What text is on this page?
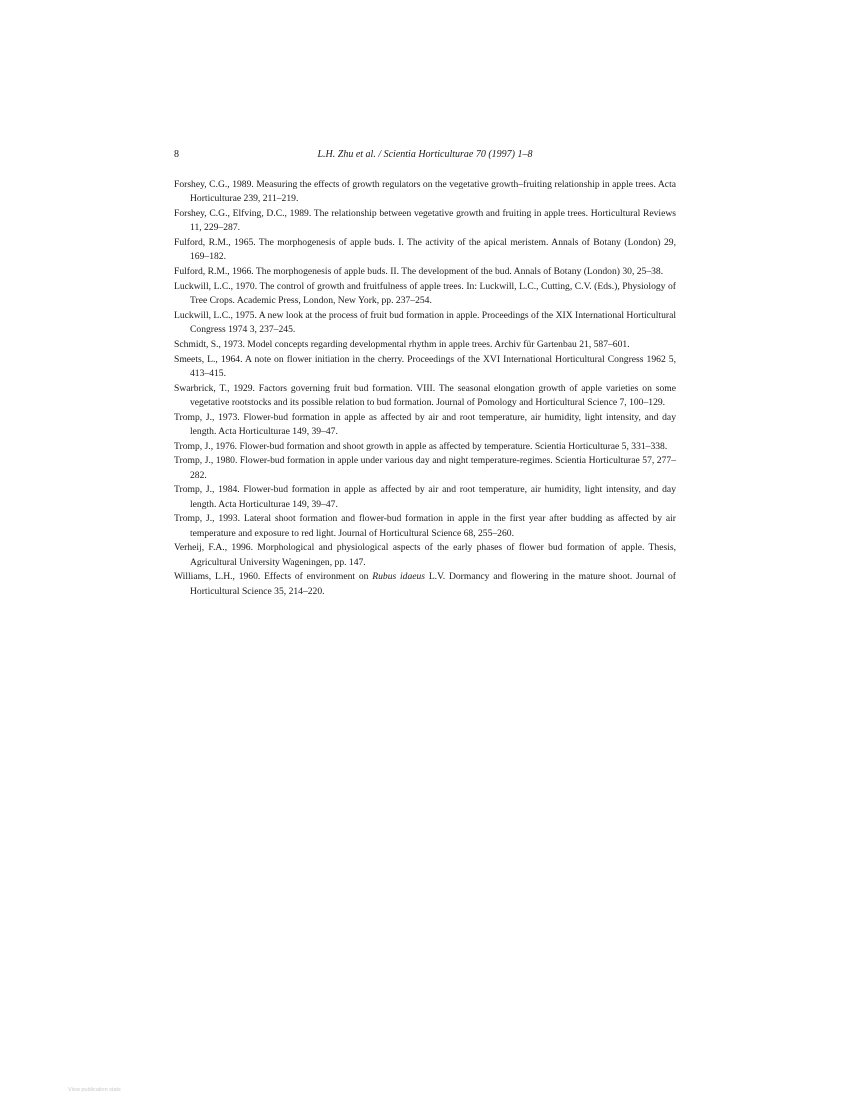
8	L.H. Zhu et al. / Scientia Horticulturae 70 (1997) 1–8

Forshey, C.G., 1989. Measuring the effects of growth regulators on the vegetative growth–fruiting relationship in apple trees. Acta Horticulturae 239, 211–219.

Forshey, C.G., Elfving, D.C., 1989. The relationship between vegetative growth and fruiting in apple trees. Horticultural Reviews 11, 229–287.

Fulford, R.M., 1965. The morphogenesis of apple buds. I. The activity of the apical meristem. Annals of Botany (London) 29, 169–182.

Fulford, R.M., 1966. The morphogenesis of apple buds. II. The development of the bud. Annals of Botany (London) 30, 25–38.

Luckwill, L.C., 1970. The control of growth and fruitfulness of apple trees. In: Luckwill, L.C., Cutting, C.V. (Eds.), Physiology of Tree Crops. Academic Press, London, New York, pp. 237–254.

Luckwill, L.C., 1975. A new look at the process of fruit bud formation in apple. Proceedings of the XIX International Horticultural Congress 1974 3, 237–245.

Schmidt, S., 1973. Model concepts regarding developmental rhythm in apple trees. Archiv für Gartenbau 21, 587–601.

Smeets, L., 1964. A note on flower initiation in the cherry. Proceedings of the XVI International Horticultural Congress 1962 5, 413–415.

Swarbrick, T., 1929. Factors governing fruit bud formation. VIII. The seasonal elongation growth of apple varieties on some vegetative rootstocks and its possible relation to bud formation. Journal of Pomology and Horticultural Science 7, 100–129.

Tromp, J., 1973. Flower-bud formation in apple as affected by air and root temperature, air humidity, light intensity, and day length. Acta Horticulturae 149, 39–47.

Tromp, J., 1976. Flower-bud formation and shoot growth in apple as affected by temperature. Scientia Horticulturae 5, 331–338.

Tromp, J., 1980. Flower-bud formation in apple under various day and night temperature-regimes. Scientia Horticulturae 57, 277–282.

Tromp, J., 1984. Flower-bud formation in apple as affected by air and root temperature, air humidity, light intensity, and day length. Acta Horticulturae 149, 39–47.

Tromp, J., 1993. Lateral shoot formation and flower-bud formation in apple in the first year after budding as affected by air temperature and exposure to red light. Journal of Horticultural Science 68, 255–260.

Verheij, F.A., 1996. Morphological and physiological aspects of the early phases of flower bud formation of apple. Thesis, Agricultural University Wageningen, pp. 147.

Williams, L.H., 1960. Effects of environment on Rubus idaeus L.V. Dormancy and flowering in the mature shoot. Journal of Horticultural Science 35, 214–220.

View publication stats
